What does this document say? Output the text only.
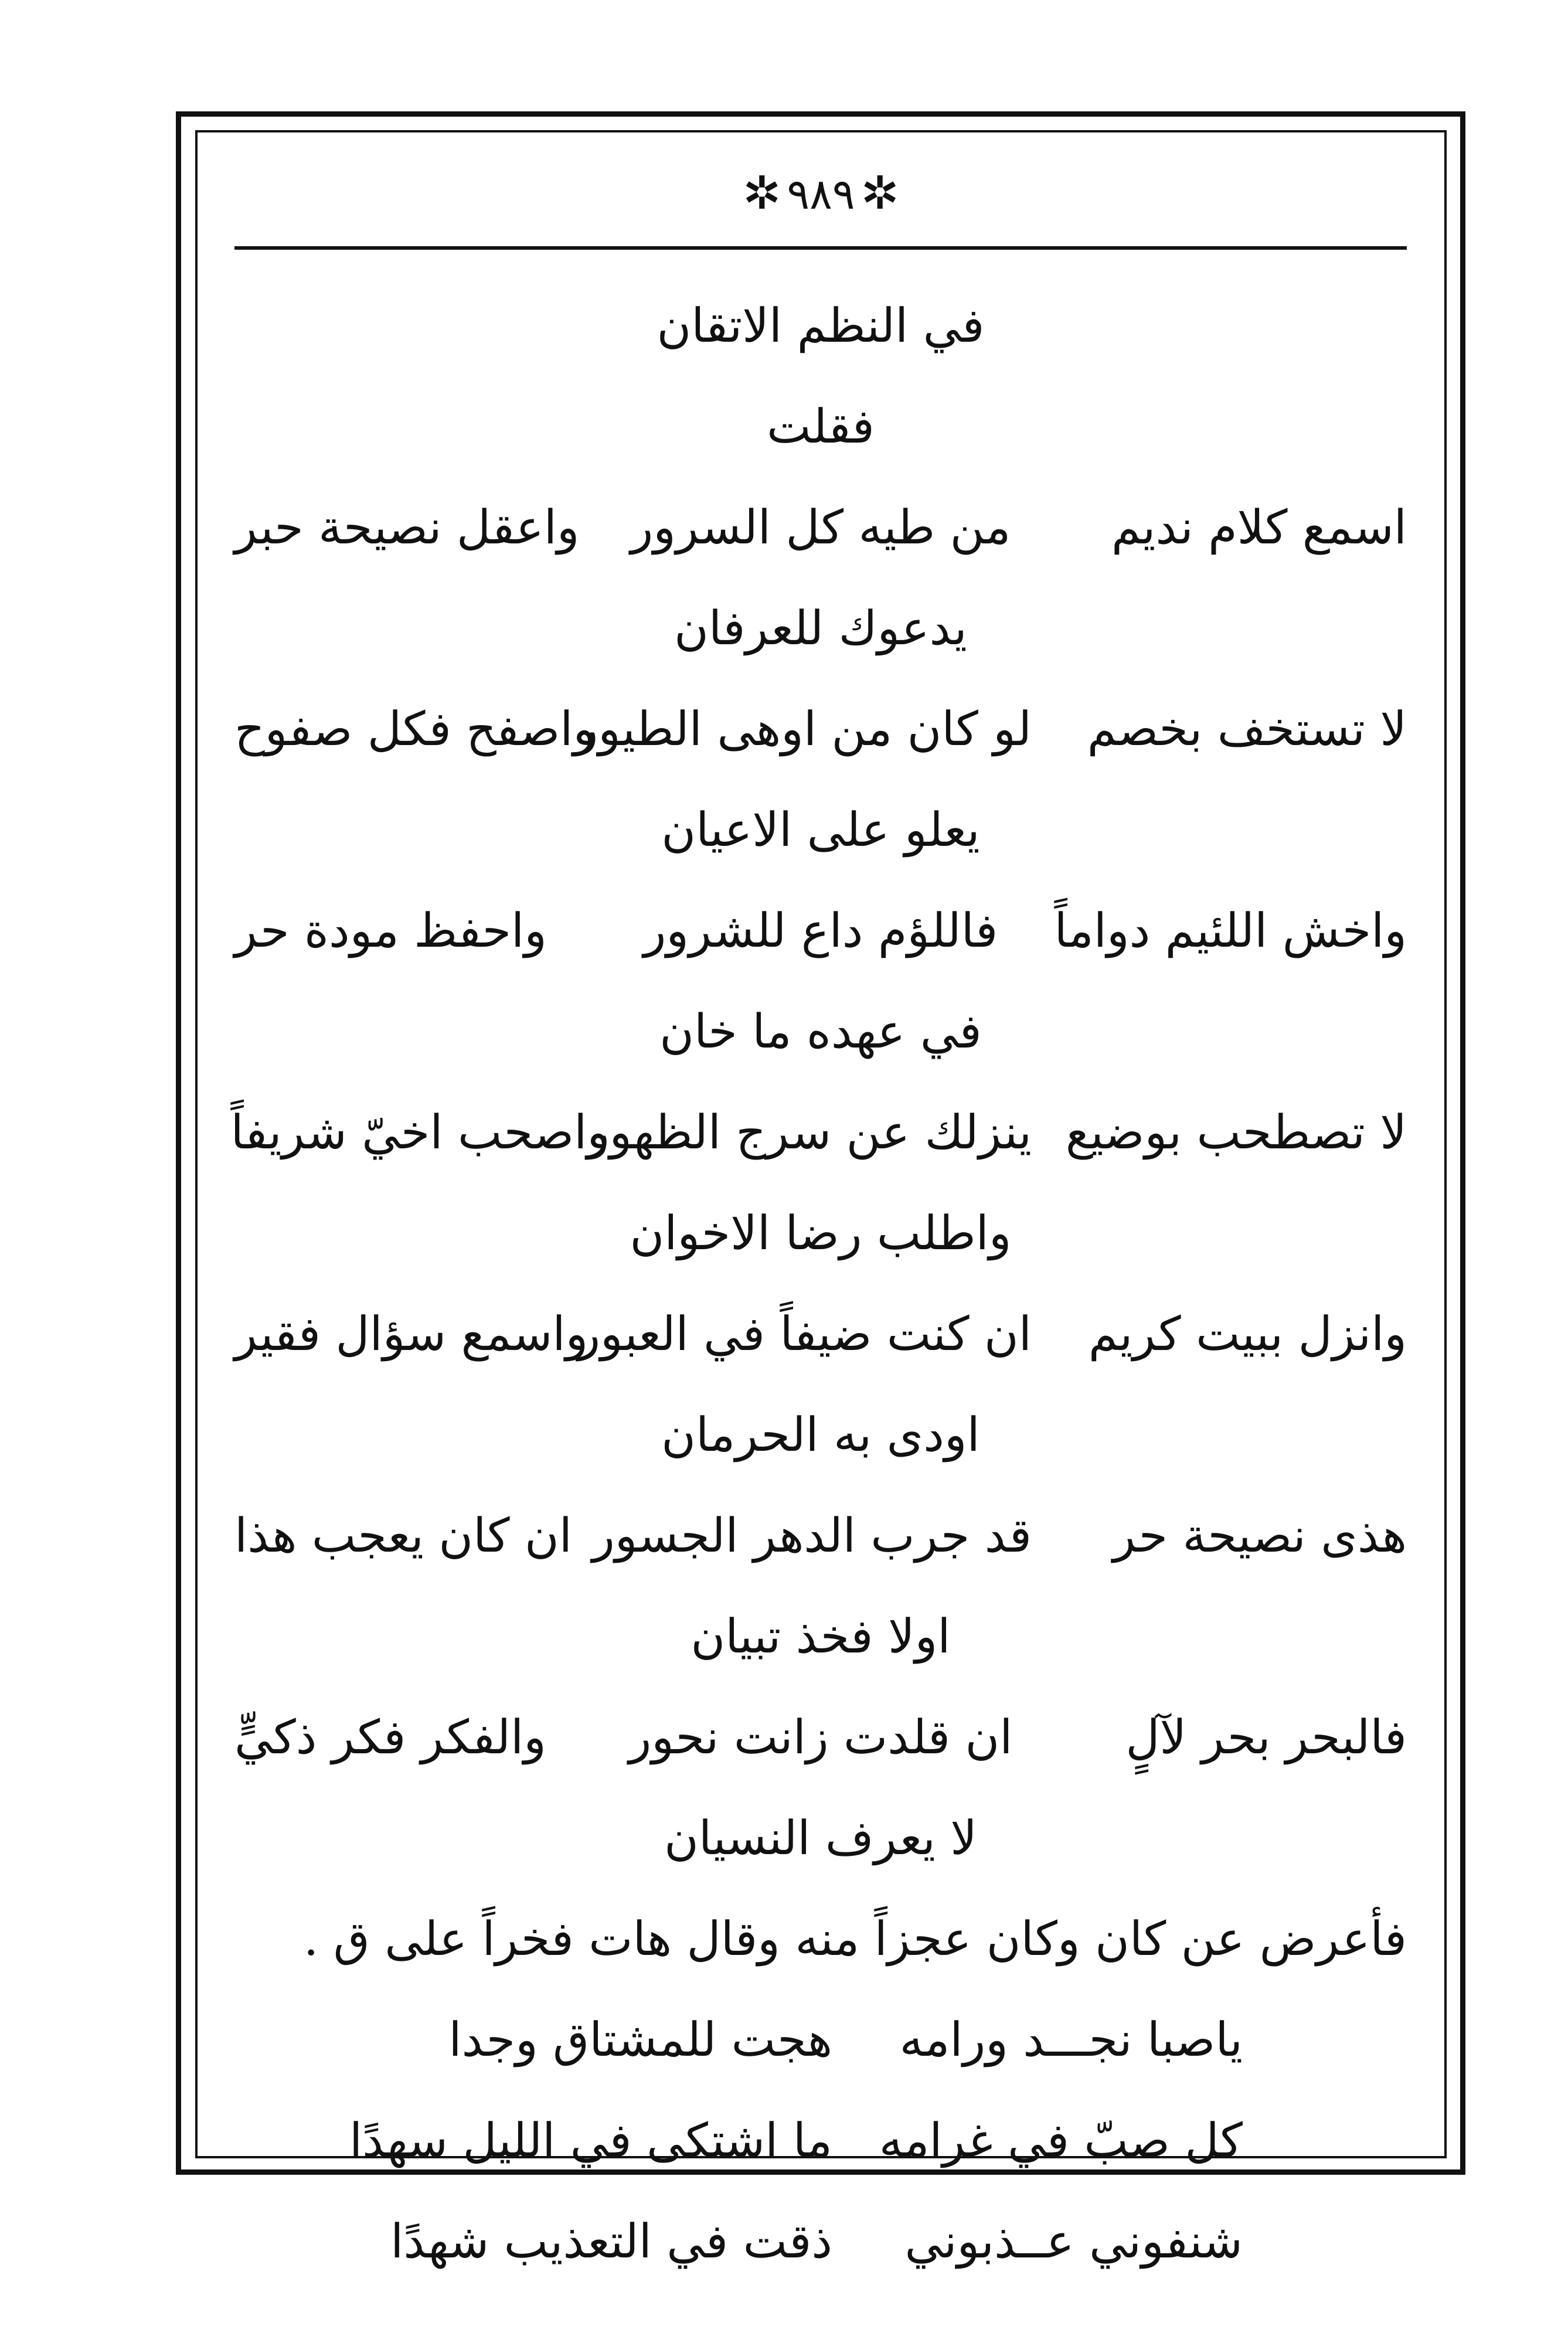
✲٩٨٩✲
في النظم الاتقان
فقلت
اسمع كلام نديم
من طيه كل السرور
واعقل نصيحة حبر
يدعوك للعرفان
لا تستخف بخصم
لو كان من اوهى الطيور
واصفح فكل صفوح
يعلو على الاعيان
واخش اللئيم دواماً
فاللؤم داع للشرور
واحفظ مودة حر
في عهده ما خان
لا تصطحب بوضيع
ينزلك عن سرج الظهور
واصحب اخيّ شريفاً
واطلب رضا الاخوان
وانزل ببيت كريم
ان كنت ضيفاً في العبور
واسمع سؤال فقير
اودى به الحرمان
هذى نصيحة حر
قد جرب الدهر الجسور
ان كان يعجب هذا
اولا فخذ تبيان
فالبحر بحر لآلٍ
ان قلدت زانت نحور
والفكر فكر ذكيٍّ
لا يعرف النسيان
فأعرض عن كان وكان عجزاً منه وقال هات فخراً على ق .
ياصبا نجـــد ورامه
هجت للمشتاق وجدا
كل صبّ في غرامه
ما اشتكى في الليل سهدًا
شنفوني عــذبوني
ذقت في التعذيب شهدًا
